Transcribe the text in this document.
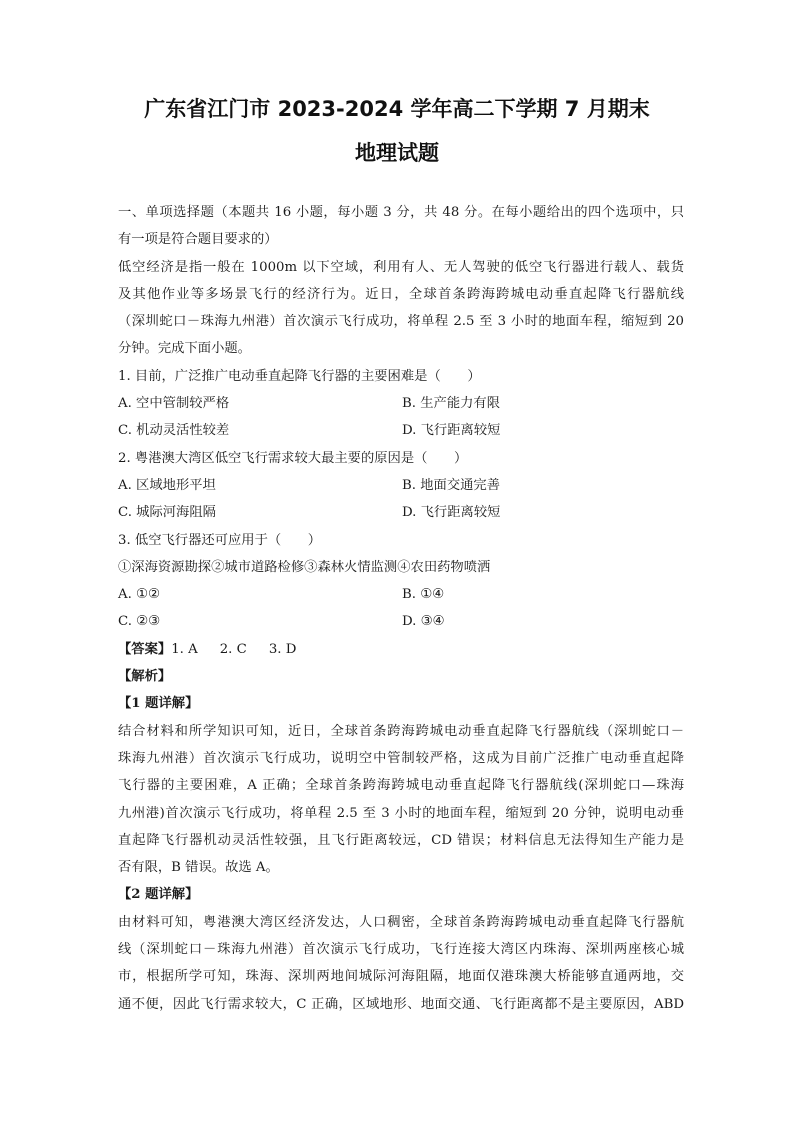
广东省江门市 2023-2024 学年高二下学期 7 月期末
地理试题
一、单项选择题（本题共 16 小题，每小题 3 分，共 48 分。在每小题给出的四个选项中，只
有一项是符合题目要求的）
低空经济是指一般在 1000m 以下空域，利用有人、无人驾驶的低空飞行器进行载人、载货
及其他作业等多场景飞行的经济行为。近日，全球首条跨海跨城电动垂直起降飞行器航线
（深圳蛇口－珠海九州港）首次演示飞行成功，将单程 2.5 至 3 小时的地面车程，缩短到 20
分钟。完成下面小题。
1. 目前，广泛推广电动垂直起降飞行器的主要困难是（　　）
A. 空中管制较严格	B. 生产能力有限
C. 机动灵活性较差	D. 飞行距离较短
2. 粤港澳大湾区低空飞行需求较大最主要的原因是（　　）
A. 区域地形平坦	B. 地面交通完善
C. 城际河海阻隔	D. 飞行距离较短
3. 低空飞行器还可应用于（　　）
①深海资源勘探②城市道路检修③森林火情监测④农田药物喷洒
A. ①②	B. ①④
C. ②③	D. ③④
【答案】1. A 2. C 3. D
【解析】
【1 题详解】
结合材料和所学知识可知，近日，全球首条跨海跨城电动垂直起降飞行器航线（深圳蛇口－
珠海九州港）首次演示飞行成功，说明空中管制较严格，这成为目前广泛推广电动垂直起降
飞行器的主要困难，A 正确；全球首条跨海跨城电动垂直起降飞行器航线(深圳蛇口—珠海
九州港)首次演示飞行成功，将单程 2.5 至 3 小时的地面车程，缩短到 20 分钟，说明电动垂
直起降飞行器机动灵活性较强，且飞行距离较远，CD 错误；材料信息无法得知生产能力是
否有限，B 错误。故选 A。
【2 题详解】
由材料可知，粤港澳大湾区经济发达，人口稠密，全球首条跨海跨城电动垂直起降飞行器航
线（深圳蛇口－珠海九州港）首次演示飞行成功，飞行连接大湾区内珠海、深圳两座核心城
市，根据所学可知，珠海、深圳两地间城际河海阻隔，地面仅港珠澳大桥能够直通两地，交
通不便，因此飞行需求较大，C 正确，区域地形、地面交通、飞行距离都不是主要原因，ABD
